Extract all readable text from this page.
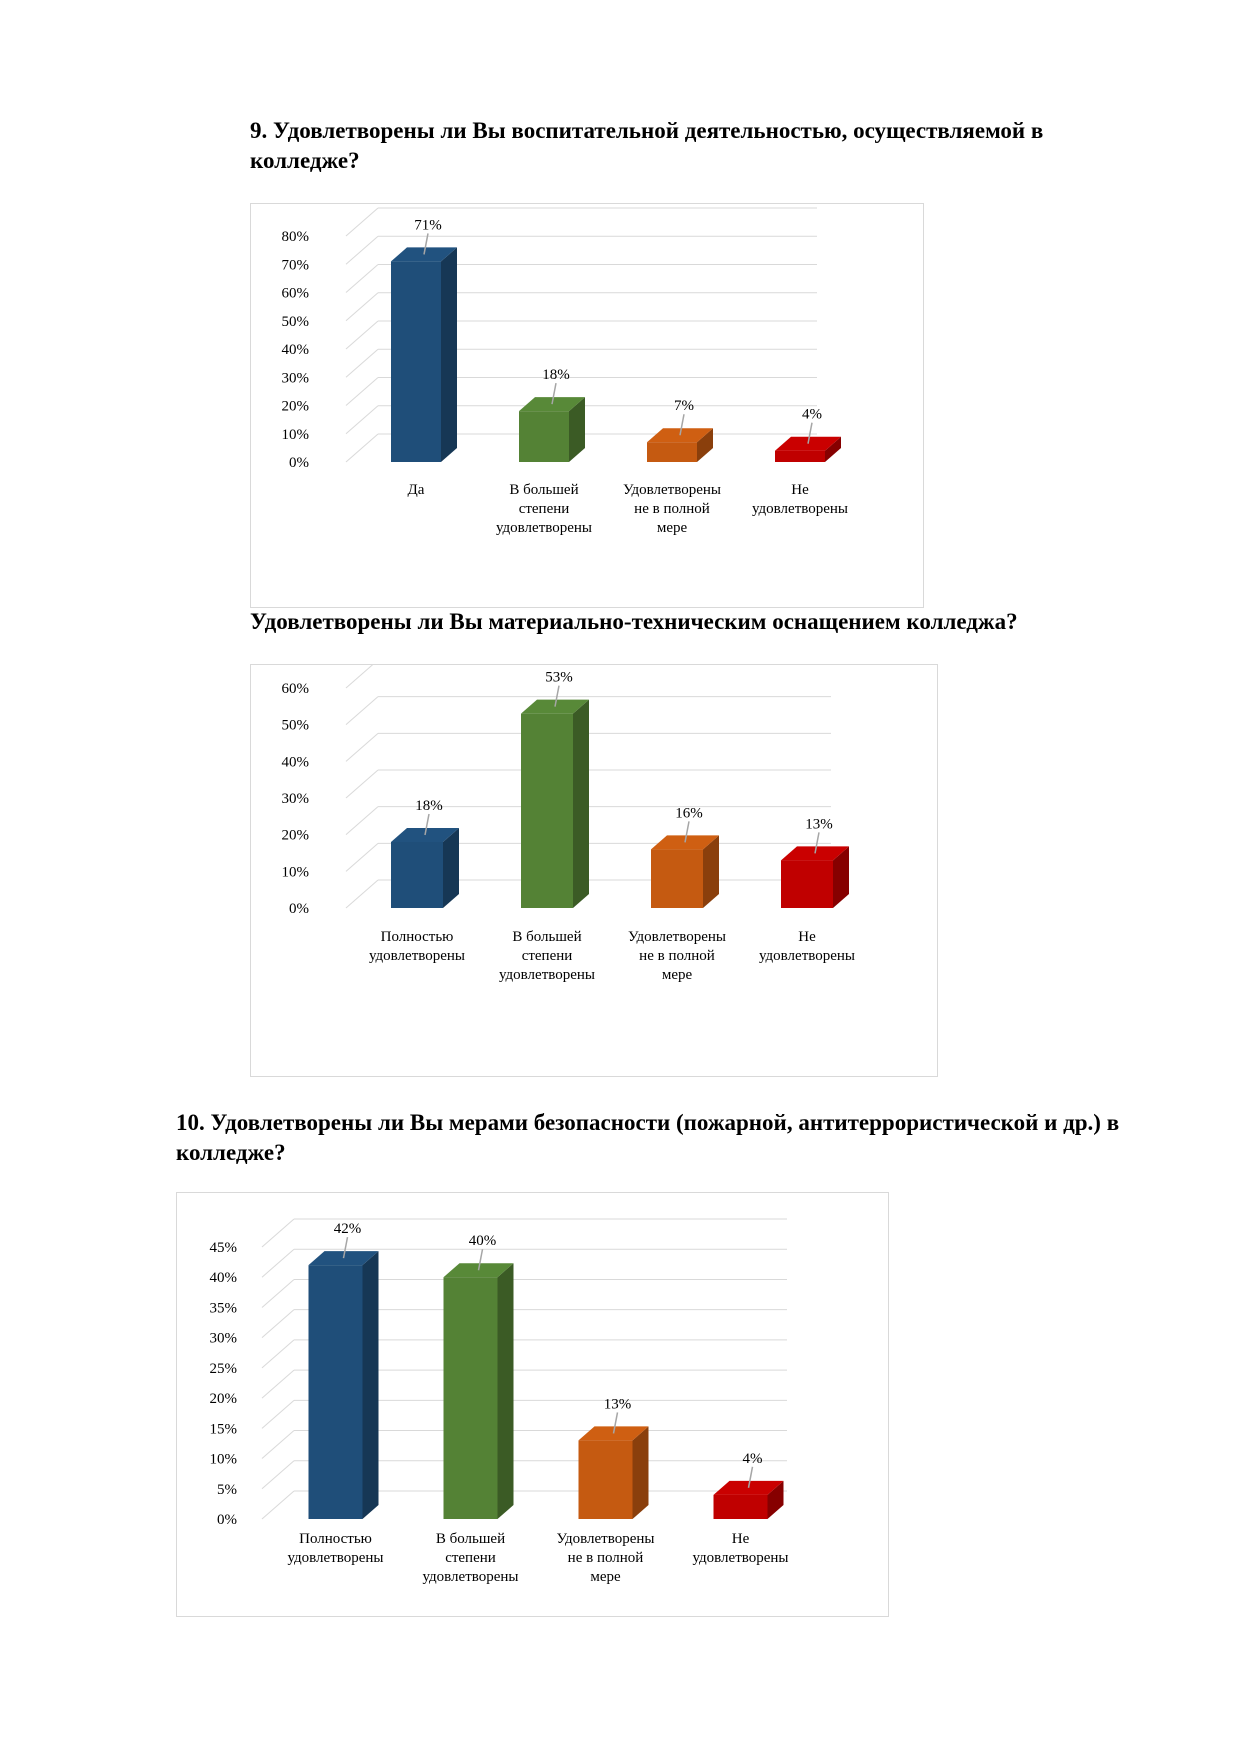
9. Удовлетворены ли Вы воспитательной деятельностью, осуществляемой в колледже?
0%
10%
20%
30%
40%
50%
60%
70%
80%
71%
Да
18%
В большей степени удовлетворены
7%
Удовлетворены не в полной мере
4%
Не удовлетворены
Удовлетворены ли Вы материально-техническим оснащением колледжа?
0%
10%
20%
30%
40%
50%
60%
18%
Полностью удовлетворены
53%
В большей степени удовлетворены
16%
Удовлетворены не в полной мере
13%
Не удовлетворены
10. Удовлетворены ли Вы мерами безопасности (пожарной, антитеррористической и др.) в колледже?
0%
5%
10%
15%
20%
25%
30%
35%
40%
45%
42%
Полностью удовлетворены
40%
В большей степени удовлетворены
13%
Удовлетворены не в полной мере
4%
Не удовлетворены
